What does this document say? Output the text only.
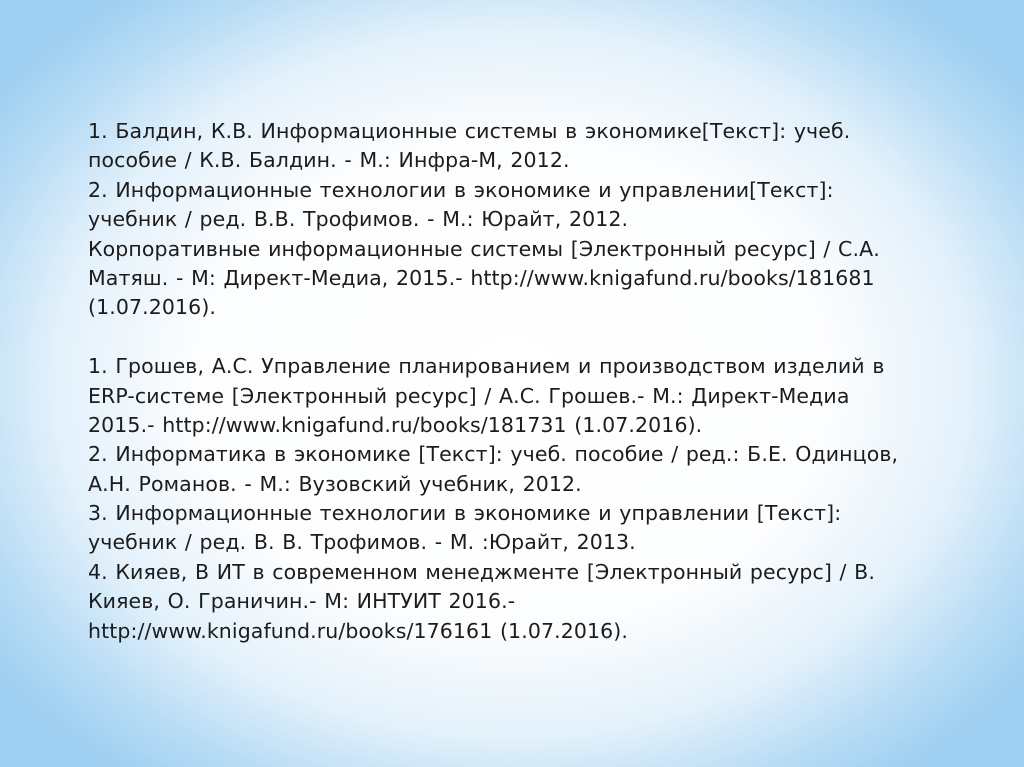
1. Балдин, К.В. Информационные системы в экономике[Текст]: учеб.
пособие / К.В. Балдин. - М.: Инфра-М, 2012.
2. Информационные технологии в экономике и управлении[Текст]:
учебник / ред. В.В. Трофимов. - М.: Юрайт, 2012.
Корпоративные информационные системы [Электронный ресурс] / С.А.
Матяш. - М: Директ-Медиа, 2015.- http://www.knigafund.ru/books/181681
(1.07.2016).
1. Грошев, А.С. Управление планированием и производством изделий в
ERP-системе [Электронный ресурс] / А.С. Грошев.- М.: Директ-Медиа
2015.- http://www.knigafund.ru/books/181731 (1.07.2016).
2. Информатика в экономике [Текст]: учеб. пособие / ред.: Б.Е. Одинцов,
А.Н. Романов. - М.: Вузовский учебник, 2012.
3. Информационные технологии в экономике и управлении [Текст]:
учебник / ред. В. В. Трофимов. - М. :Юрайт, 2013.
4. Кияев, В ИТ в современном менеджменте [Электронный ресурс] / В.
Кияев, О. Граничин.- М: ИНТУИТ 2016.-
http://www.knigafund.ru/books/176161 (1.07.2016).
